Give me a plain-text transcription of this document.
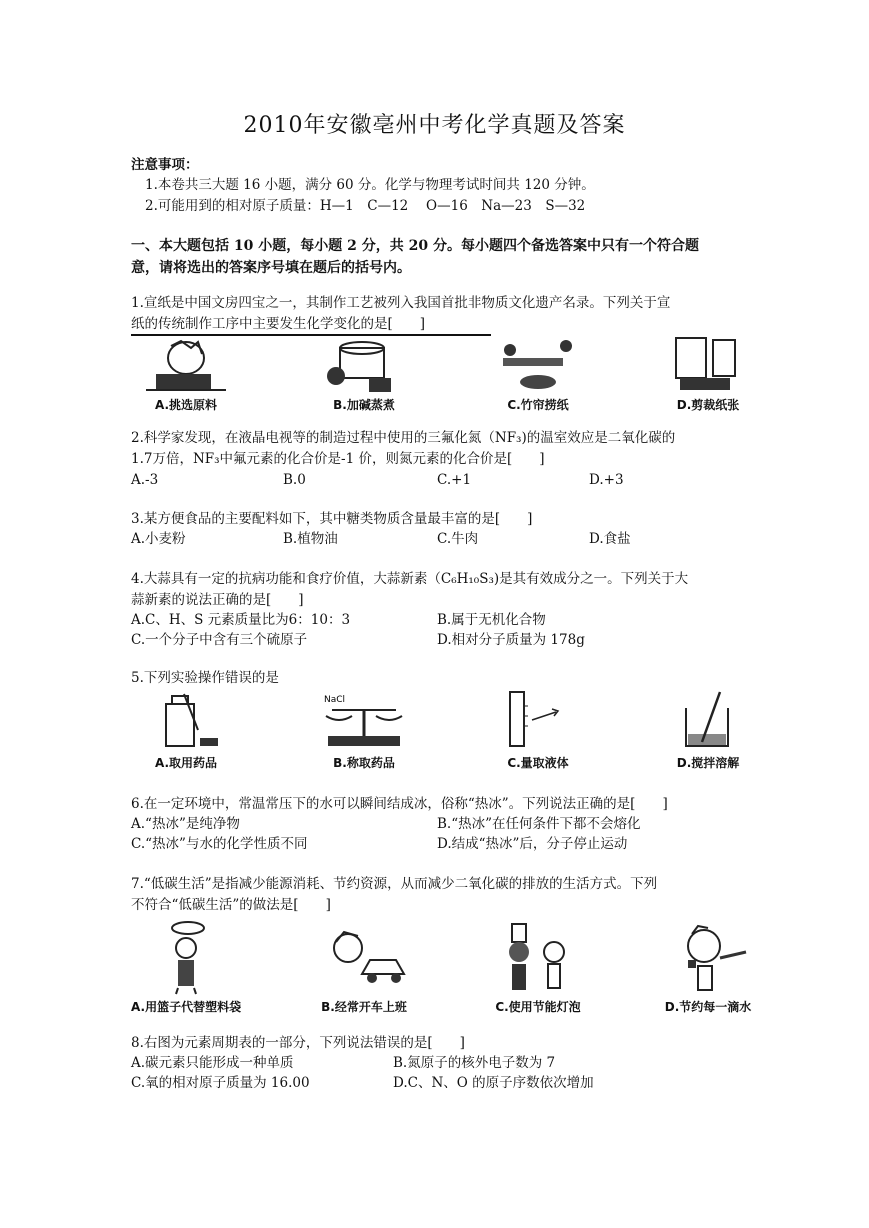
2010年安徽亳州中考化学真题及答案
注意事项：
1.本卷共三大题 16 小题，满分 60 分。化学与物理考试时间共 120 分钟。
2.可能用到的相对原子质量：H—1　C—12　 O—16　Na—23　S—32
一、本大题包括 10 小题，每小题 2 分，共 20 分。每小题四个备选答案中只有一个符合题
意，请将选出的答案序号填在题后的括号内。
1.宣纸是中国文房四宝之一，其制作工艺被列入我国首批非物质文化遗产名录。下列关于宣
纸的传统制作工序中主要发生化学变化的是[　　]
A.挑选原料	B.加碱蒸煮	C.竹帘捞纸	D.剪裁纸张
2.科学家发现，在液晶电视等的制造过程中使用的三氟化氮（NF₃)的温室效应是二氧化碳的
1.7万倍，NF₃中氟元素的化合价是-1 价，则氮元素的化合价是[　　]
A.-3	B.0	C.+1	D.+3
3.某方便食品的主要配料如下，其中糖类物质含量最丰富的是[　　]
A.小麦粉	B.植物油	C.牛肉	D.食盐
4.大蒜具有一定的抗病功能和食疗价值，大蒜新素（C₆H₁₀S₃)是其有效成分之一。下列关于大
蒜新素的说法正确的是[　　]
A.C、H、S 元素质量比为6：10：3	B.属于无机化合物
C.一个分子中含有三个硫原子	D.相对分子质量为 178g
5.下列实验操作错误的是
A.取用药品
NaCl
B.称取药品	C.量取液体	D.搅拌溶解
6.在一定环境中，常温常压下的水可以瞬间结成冰，俗称“热冰”。下列说法正确的是[　　]
A.“热冰”是纯净物	B.“热冰”在任何条件下都不会熔化
C.“热冰”与水的化学性质不同	D.结成“热冰”后，分子停止运动
7.“低碳生活”是指减少能源消耗、节约资源，从而减少二氧化碳的排放的生活方式。下列
不符合“低碳生活”的做法是[　　]
A.用篮子代替塑料袋	B.经常开车上班	C.使用节能灯泡	D.节约每一滴水
8.右图为元素周期表的一部分，下列说法错误的是[　　]
A.碳元素只能形成一种单质	B.氮原子的核外电子数为 7
C.氧的相对原子质量为 16.00	D.C、N、O 的原子序数依次增加
